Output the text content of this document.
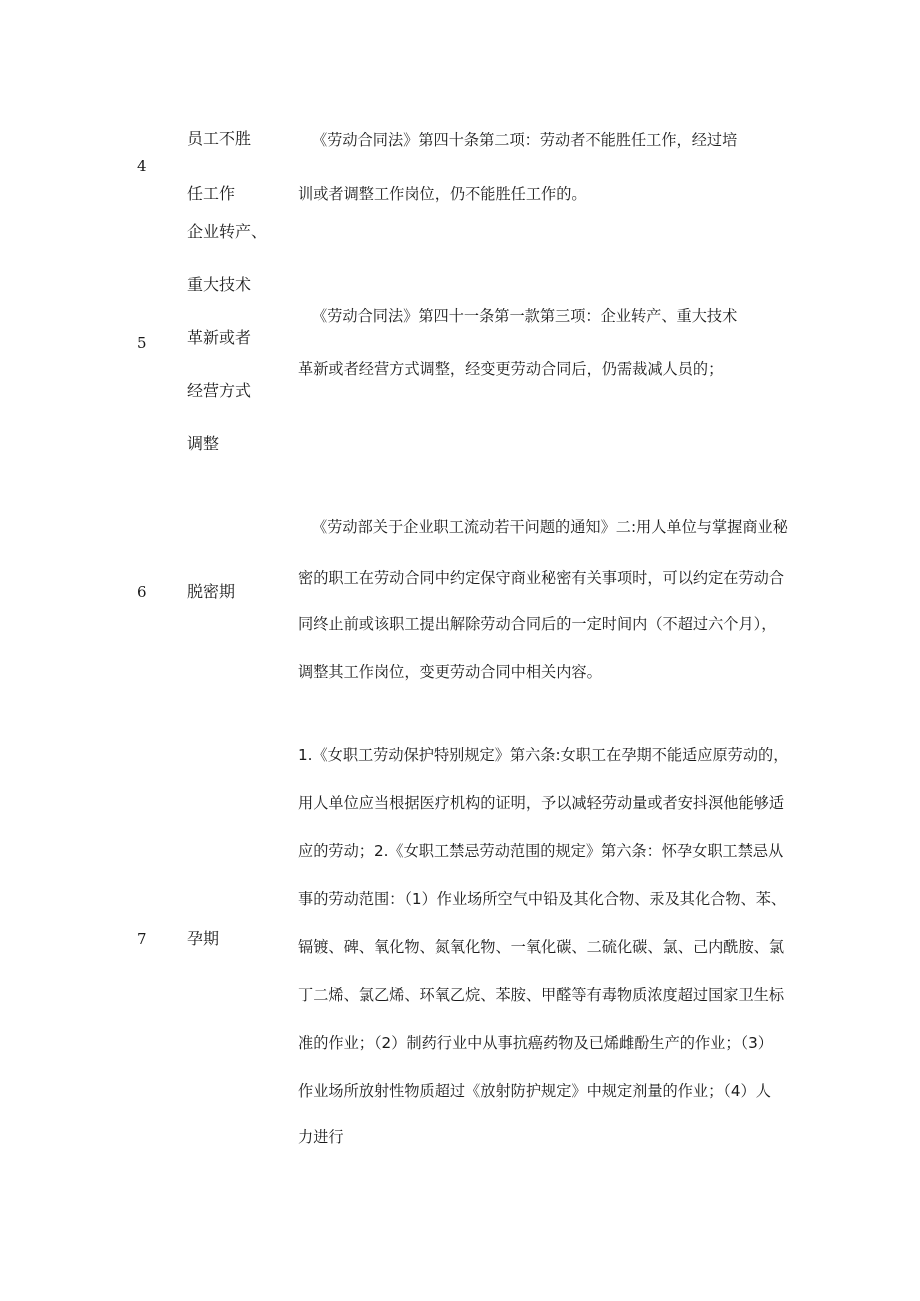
4
员工不胜
任工作
《劳动合同法》第四十条第二项：劳动者不能胜任工作，经过培
训或者调整工作岗位，仍不能胜任工作的。
5
企业转产、
重大技术
革新或者
经营方式
调整
《劳动合同法》第四十一条第一款第三项：企业转产、重大技术
革新或者经营方式调整，经变更劳动合同后，仍需裁减人员的；
6	脱密期
《劳动部关于企业职工流动若干问题的通知》二:用人单位与掌握商业秘
密的职工在劳动合同中约定保守商业秘密有关事项时，可以约定在劳动合
同终止前或该职工提出解除劳动合同后的一定时间内（不超过六个月），
调整其工作岗位，变更劳动合同中相关内容。
7	孕期
1.《女职工劳动保护特别规定》第六条:女职工在孕期不能适应原劳动的，
用人单位应当根据医疗机构的证明，予以减轻劳动量或者安抖溟他能够适
应的劳动；2.《女职工禁忌劳动范围的规定》第六条：怀孕女职工禁忌从
事的劳动范围：（1）作业场所空气中铅及其化合物、汞及其化合物、苯、
镉镀、碑、氧化物、氮氧化物、一氧化碳、二硫化碳、氯、己内酰胺、氯
丁二烯、氯乙烯、环氧乙烷、苯胺、甲醛等有毒物质浓度超过国家卫生标
准的作业；（2）制药行业中从事抗癌药物及已烯雌酚生产的作业；（3）
作业场所放射性物质超过《放射防护规定》中规定剂量的作业；（4）人
力进行
